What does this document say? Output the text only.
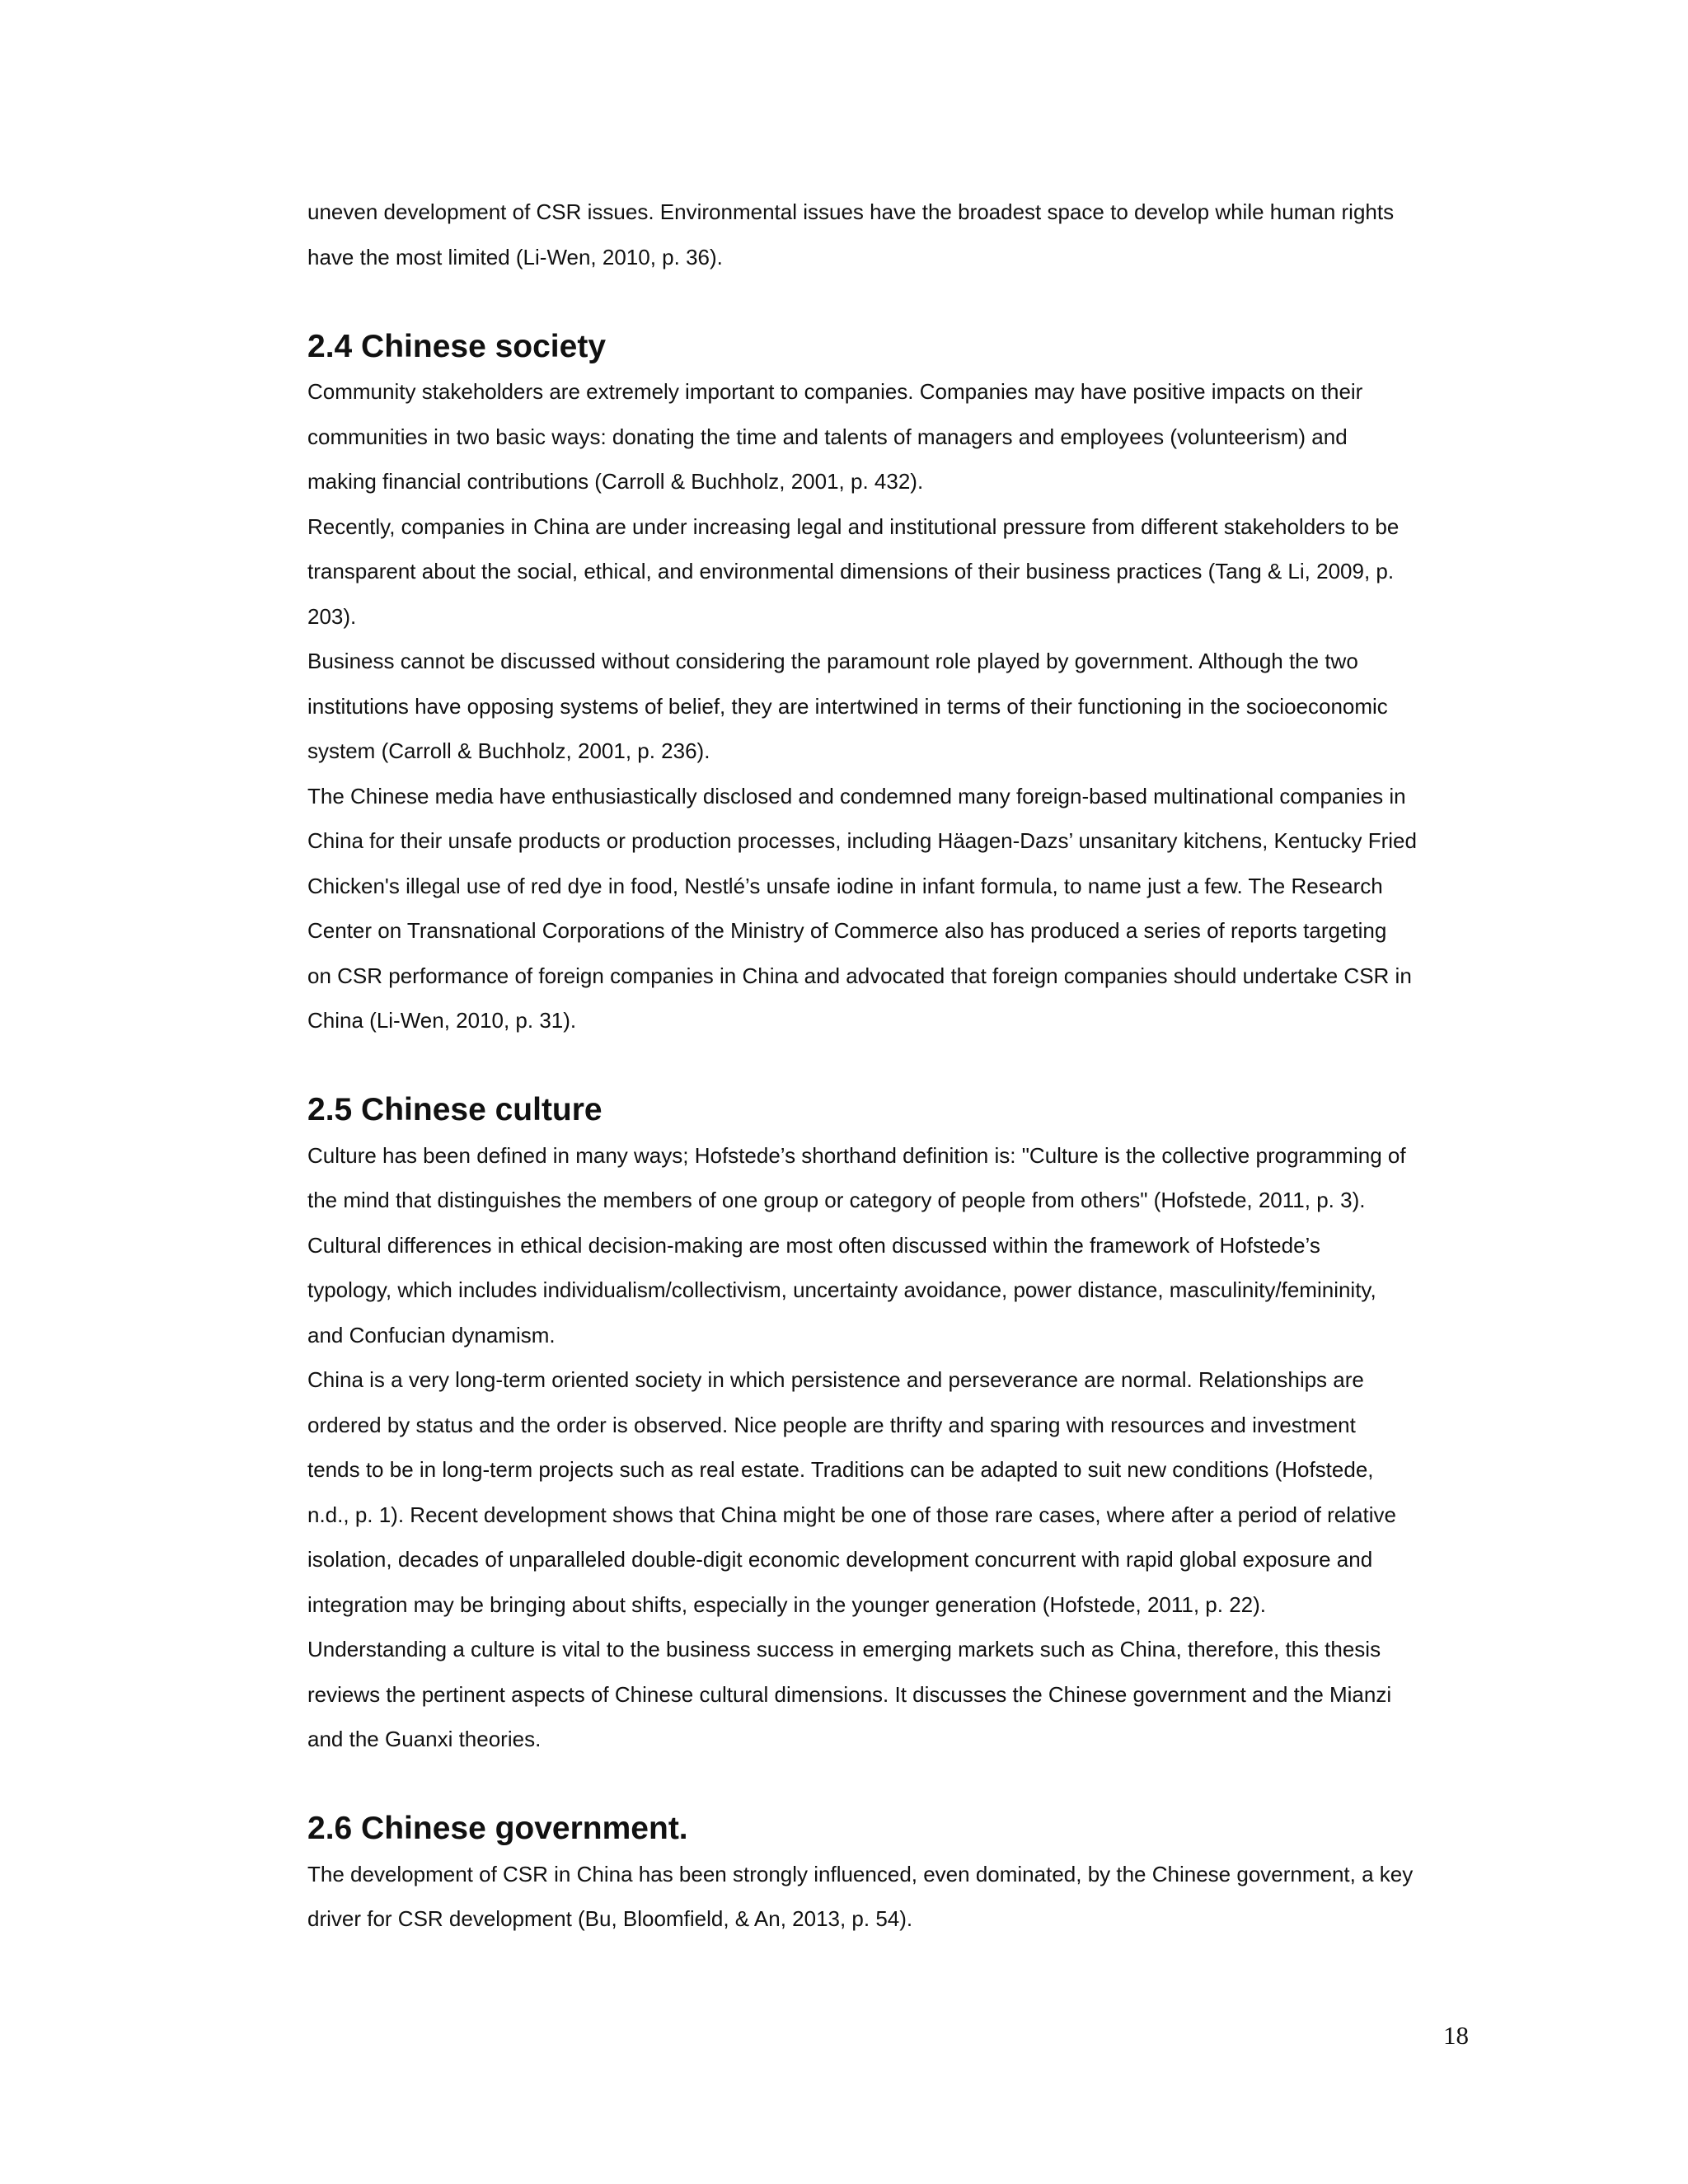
uneven development of CSR issues. Environmental issues have the broadest space to develop while human rights
have the most limited (Li-Wen, 2010, p. 36).

2.4 Chinese society

Community stakeholders are extremely important to companies. Companies may have positive impacts on their
communities in two basic ways: donating the time and talents of managers and employees (volunteerism) and
making financial contributions (Carroll & Buchholz, 2001, p. 432).

Recently, companies in China are under increasing legal and institutional pressure from different stakeholders to be
transparent about the social, ethical, and environmental dimensions of their business practices (Tang & Li, 2009, p.
203).

Business cannot be discussed without considering the paramount role played by government. Although the two
institutions have opposing systems of belief, they are intertwined in terms of their functioning in the socioeconomic
system (Carroll & Buchholz, 2001, p. 236).

The Chinese media have enthusiastically disclosed and condemned many foreign-based multinational companies in
China for their unsafe products or production processes, including Häagen-Dazs’ unsanitary kitchens, Kentucky Fried
Chicken's illegal use of red dye in food, Nestlé’s unsafe iodine in infant formula, to name just a few. The Research
Center on Transnational Corporations of the Ministry of Commerce also has produced a series of reports targeting
on CSR performance of foreign companies in China and advocated that foreign companies should undertake CSR in
China (Li-Wen, 2010, p. 31).

2.5 Chinese culture

Culture has been defined in many ways; Hofstede’s shorthand definition is: "Culture is the collective programming of
the mind that distinguishes the members of one group or category of people from others" (Hofstede, 2011, p. 3).
Cultural differences in ethical decision-making are most often discussed within the framework of Hofstede’s
typology, which includes individualism/collectivism, uncertainty avoidance, power distance, masculinity/femininity,
and Confucian dynamism.

China is a very long-term oriented society in which persistence and perseverance are normal. Relationships are
ordered by status and the order is observed. Nice people are thrifty and sparing with resources and investment
tends to be in long-term projects such as real estate. Traditions can be adapted to suit new conditions (Hofstede,
n.d., p. 1). Recent development shows that China might be one of those rare cases, where after a period of relative
isolation, decades of unparalleled double-digit economic development concurrent with rapid global exposure and
integration may be bringing about shifts, especially in the younger generation (Hofstede, 2011, p. 22).

Understanding a culture is vital to the business success in emerging markets such as China, therefore, this thesis
reviews the pertinent aspects of Chinese cultural dimensions. It discusses the Chinese government and the Mianzi
and the Guanxi theories.

2.6 Chinese government.

The development of CSR in China has been strongly influenced, even dominated, by the Chinese government, a key
driver for CSR development (Bu, Bloomfield, & An, 2013, p. 54).

18
